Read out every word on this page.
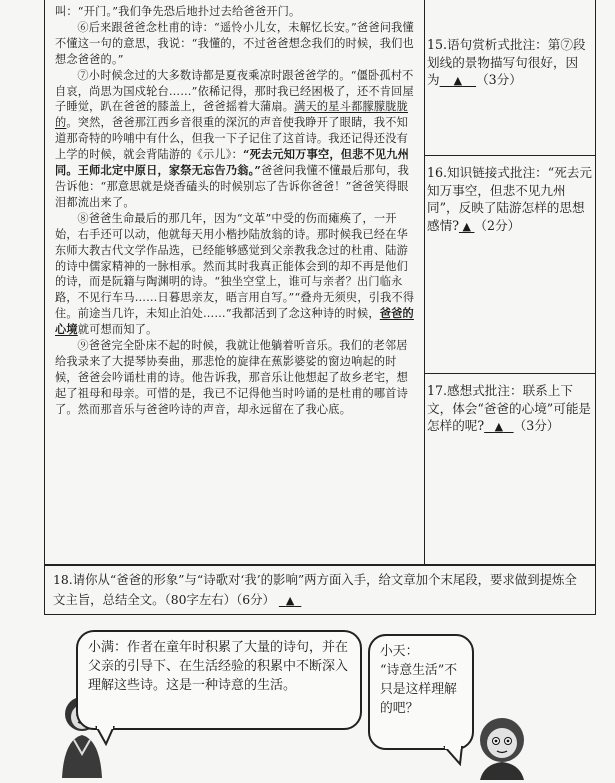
叫：“开门。”我们争先恐后地扑过去给爸爸开门。

⑥后来跟爸爸念杜甫的诗：“遥怜小儿女，未解忆长安。”爸爸问我懂不懂这一句的意思，我说：“我懂的，不过爸爸想念我们的时候，我们也想念爸爸的。”

⑦小时候念过的大多数诗都是夏夜乘凉时跟爸爸学的。“僵卧孤村不自哀，尚思为国戍轮台……”依稀记得，那时我已经困极了，还不肯回屋子睡觉，趴在爸爸的膝盖上，爸爸摇着大蒲扇。满天的星斗都朦朦胧胧的。突然，爸爸那江西乡音很重的深沉的声音使我睁开了眼睛，我不知道那奇特的吟哺中有什么，但我一下子记住了这首诗。我还记得还没有上学的时候，就会背陆游的《示儿》：“死去元知万事空，但悲不见九州同。王师北定中原日，家祭无忘告乃翁。”爸爸问我懂不懂最后那句，我告诉他：“那意思就是烧香磕头的时候别忘了告诉你爸爸！”爸爸笑得眼泪都流出来了。

⑧爸爸生命最后的那几年，因为“文革”中受的伤而瘫痪了，一开始，右手还可以动，他就每天用小楷抄陆放翁的诗。那时候我已经在华东师大教古代文学作品选，已经能够感觉到父亲教我念过的杜甫、陆游的诗中儒家精神的一脉相承。然而其时我真正能体会到的却不再是他们的诗，而是阮籍与陶渊明的诗。“独坐空堂上，谁可与亲者？出门临永路，不见行车马……日暮思亲友，晤言用自写。”“叠舟无须臾，引我不得住。前途当几许，未知止泊处……”我都活到了念这种诗的时候，爸爸的心境就可想而知了。

⑨爸爸完全卧床不起的时候，我就让他躺着听音乐。我们的老邻居给我录来了大提琴协奏曲，那悲怆的旋律在蕉影婆娑的窗边响起的时候，爸爸会吟诵杜甫的诗。他告诉我，那音乐让他想起了故乡老宅，想起了祖母和母亲。可惜的是，我已不记得他当时吟诵的是杜甫的哪首诗了。然而那音乐与爸爸吟诗的声音，却永远留在了我心底。

15.语句赏析式批注：第⑦段划线的景物描写句很好，因为 ▲ （3分）
16.知识链接式批注：“死去元知万事空，但悲不见九州同”，反映了陆游怎样的思想感情? ▲ （2分）
17.感想式批注：联系上下文，体会“爸爸的心境”可能是怎样的呢? ▲ （3分）
18.请你从“爸爸的形象”与“诗歌对‘我’的影响”两方面入手，给文章加个末尾段，要求做到提炼全文主旨，总结全文。（80字左右）（6分） ▲
小满：作者在童年时积累了大量的诗句，并在父亲的引导下、在生活经验的积累中不断深入理解这些诗。这是一种诗意的生活。
小天：
“诗意生活”不只是这样理解的吧？
